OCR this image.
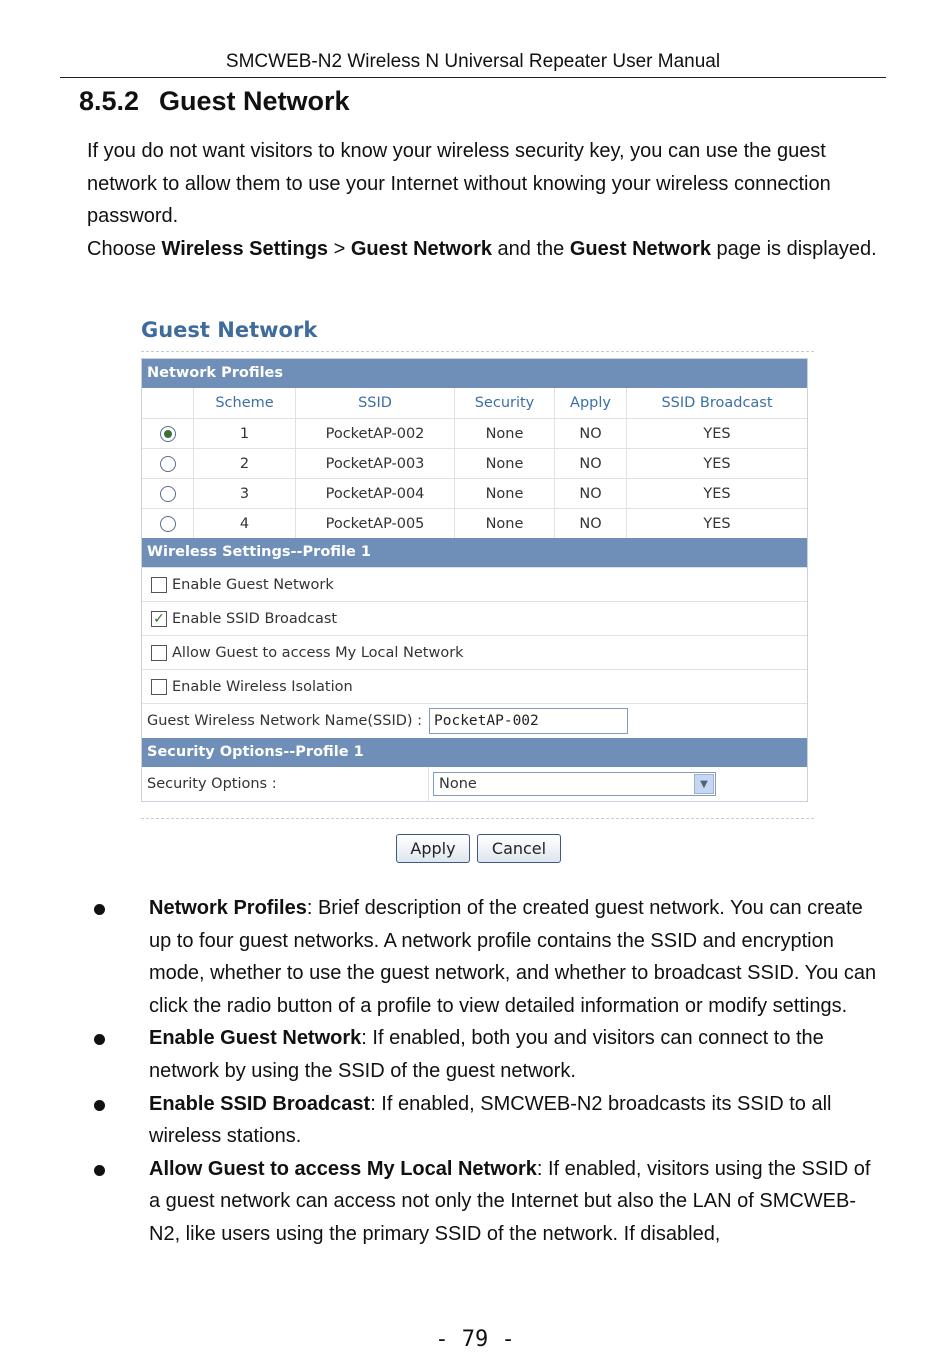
SMCWEB-N2 Wireless N Universal Repeater User Manual
8.5.2 Guest Network

If you do not want visitors to know your wireless security key, you can use the guest network to allow them to use your Internet without knowing your wireless connection password.

Choose Wireless Settings > Guest Network and the Guest Network page is displayed.

Guest Network
Network Profiles
Scheme	SSID	Security	Apply	SSID Broadcast
1	PocketAP-002	None	NO	YES
2	PocketAP-003	None	NO	YES
3	PocketAP-004	None	NO	YES
4	PocketAP-005	None	NO	YES
Wireless Settings--Profile 1
Enable Guest Network
✓ Enable SSID Broadcast
Allow Guest to access My Local Network
Enable Wireless Isolation
Guest Wireless Network Name(SSID) : PocketAP-002
Security Options--Profile 1
Security Options :	None	▼
Apply	Cancel
Network Profiles: Brief description of the created guest network. You can create up to four guest networks. A network profile contains the SSID and encryption mode, whether to use the guest network, and whether to broadcast SSID. You can click the radio button of a profile to view detailed information or modify settings.
Enable Guest Network: If enabled, both you and visitors can connect to the network by using the SSID of the guest network.
Enable SSID Broadcast: If enabled, SMCWEB-N2 broadcasts its SSID to all wireless stations.
Allow Guest to access My Local Network: If enabled, visitors using the SSID of a guest network can access not only the Internet but also the LAN of SMCWEB-N2, like users using the primary SSID of the network. If disabled,
- 79 -
